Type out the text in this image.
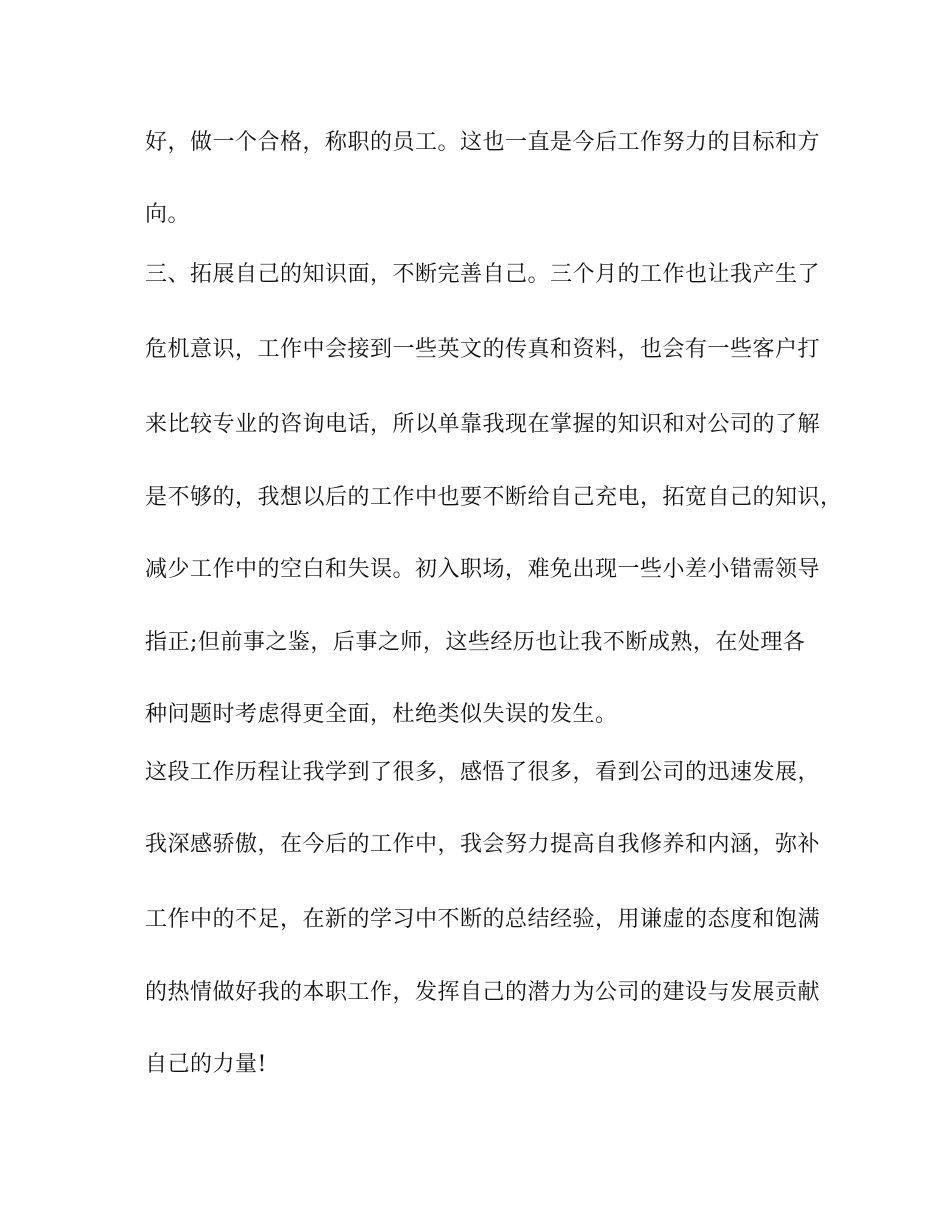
好，做一个合格，称职的员工。这也一直是今后工作努力的目标和方
向。
三、拓展自己的知识面，不断完善自己。三个月的工作也让我产生了
危机意识，工作中会接到一些英文的传真和资料，也会有一些客户打
来比较专业的咨询电话，所以单靠我现在掌握的知识和对公司的了解
是不够的，我想以后的工作中也要不断给自己充电，拓宽自己的知识，
减少工作中的空白和失误。初入职场，难免出现一些小差小错需领导
指正;但前事之鉴，后事之师，这些经历也让我不断成熟，在处理各
种问题时考虑得更全面，杜绝类似失误的发生。
这段工作历程让我学到了很多，感悟了很多，看到公司的迅速发展，
我深感骄傲，在今后的工作中，我会努力提高自我修养和内涵，弥补
工作中的不足，在新的学习中不断的总结经验，用谦虚的态度和饱满
的热情做好我的本职工作，发挥自己的潜力为公司的建设与发展贡献
自己的力量!
